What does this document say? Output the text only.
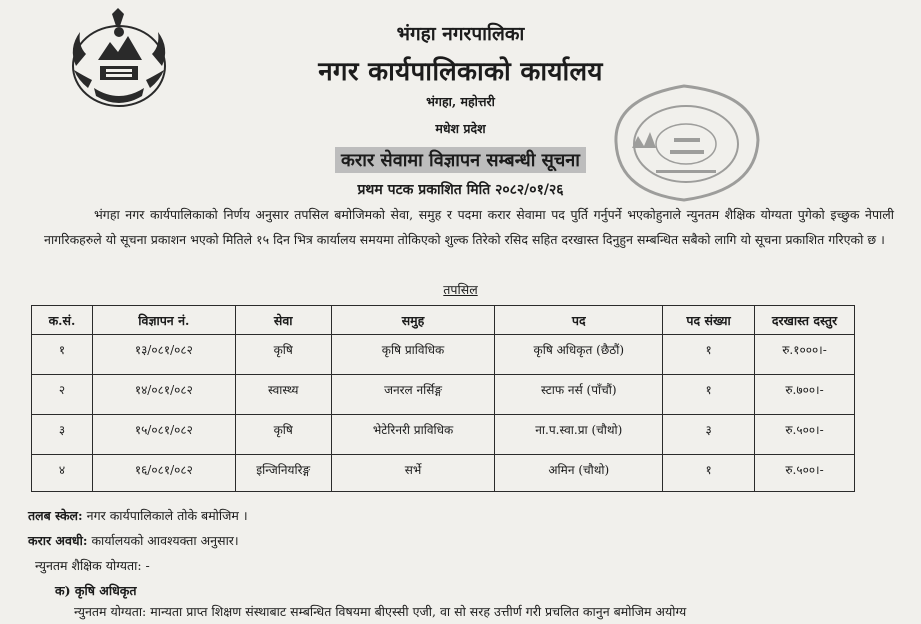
भंगहा नगरपालिका
नगर कार्यपालिकाको कार्यालय
भंगहा, महोत्तरी
मधेश प्रदेश
करार सेवामा विज्ञापन सम्बन्धी सूचना
प्रथम पटक प्रकाशित मिति २०८२/०१/२६

भंगहा नगर कार्यपालिकाको निर्णय अनुसार तपसिल बमोजिमको सेवा, समुह र पदमा करार सेवामा पद पुर्ति गर्नुपर्ने भएकोहुनाले न्युनतम शैक्षिक योग्यता पुगेको इच्छुक नेपाली नागरिकहरुले यो सूचना प्रकाशन भएको मितिले १५ दिन भित्र कार्यालय समयमा तोकिएको शुल्क तिरेको रसिद सहित दरखास्त दिनुहुन सम्बन्धित सबैको लागि यो सूचना प्रकाशित गरिएको छ ।

तपसिल
क.सं.	विज्ञापन नं.	सेवा	समुह	पद	पद संख्या	दरखास्त दस्तुर
१	१३/०८१/०८२	कृषि	कृषि प्राविधिक	कृषि अधिकृत (छैठौं)	१	रु.१०००।-
२	१४/०८१/०८२	स्वास्थ्य	जनरल नर्सिङ्ग	स्टाफ नर्स (पाँचौं)	१	रु.७००।-
३	१५/०८१/०८२	कृषि	भेटेरिनरी प्राविधिक	ना.प.स्वा.प्रा (चौथो)	३	रु.५००।-
४	१६/०८१/०८२	इन्जिनियरिङ्ग	सर्भे	अमिन (चौथो)	१	रु.५००।-
तलब स्केल: नगर कार्यपालिकाले तोके बमोजिम ।
करार अवधी: कार्यालयको आवश्यक्ता अनुसार।
न्युनतम शैक्षिक योग्यता: -
क) कृषि अधिकृत
न्युनतम योग्यता: मान्यता प्राप्त शिक्षण संस्थाबाट सम्बन्धित विषयमा बीएस्सी एजी, वा सो सरह उत्तीर्ण गरी प्रचलित कानुन बमोजिम अयोग्य
